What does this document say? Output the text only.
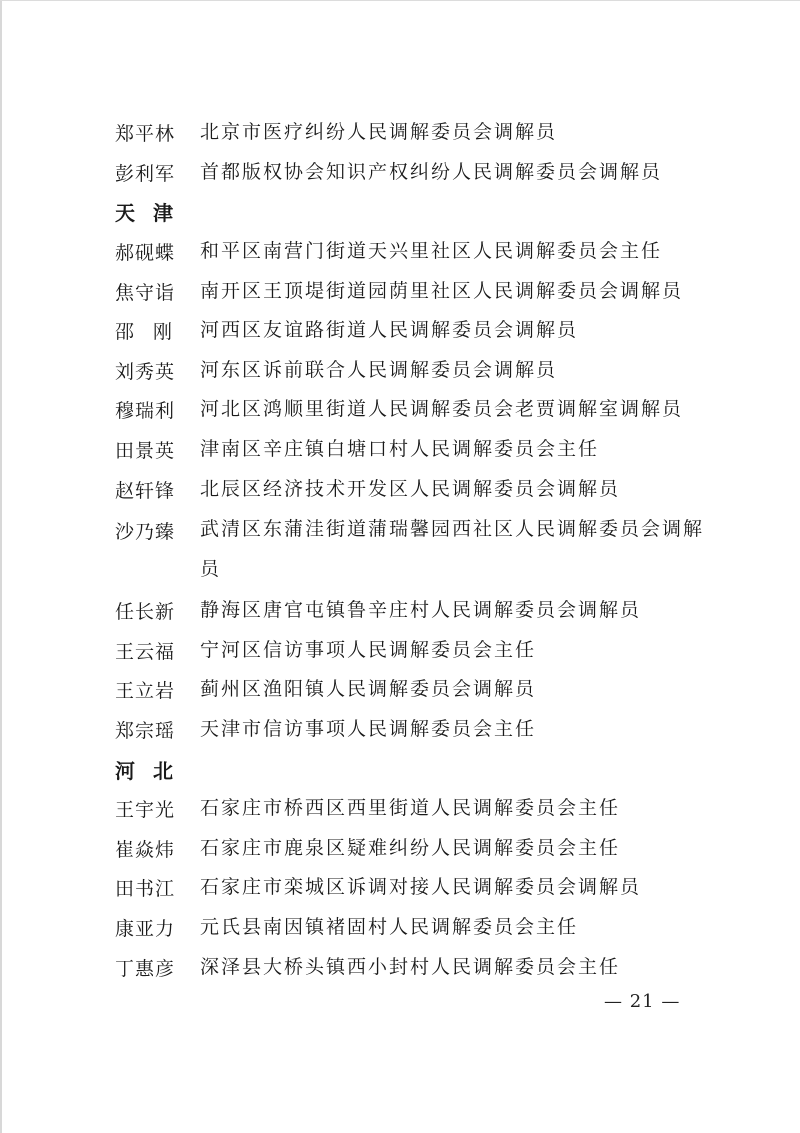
郑平林	北京市医疗纠纷人民调解委员会调解员
彭利军	首都版权协会知识产权纠纷人民调解委员会调解员
天津
郝砚蝶	和平区南营门街道天兴里社区人民调解委员会主任
焦守诣	南开区王顶堤街道园荫里社区人民调解委员会调解员
邵刚 河西区友谊路街道人民调解委员会调解员
刘秀英	河东区诉前联合人民调解委员会调解员
穆瑞利	河北区鸿顺里街道人民调解委员会老贾调解室调解员
田景英	津南区辛庄镇白塘口村人民调解委员会主任
赵轩锋	北辰区经济技术开发区人民调解委员会调解员
沙乃臻	武清区东蒲洼街道蒲瑞馨园西社区人民调解委员会调解员
任长新	静海区唐官屯镇鲁辛庄村人民调解委员会调解员
王云福	宁河区信访事项人民调解委员会主任
王立岩	蓟州区渔阳镇人民调解委员会调解员
郑宗瑶	天津市信访事项人民调解委员会主任
河北
王宇光	石家庄市桥西区西里街道人民调解委员会主任
崔焱炜	石家庄市鹿泉区疑难纠纷人民调解委员会主任
田书江	石家庄市栾城区诉调对接人民调解委员会调解员
康亚力	元氏县南因镇褚固村人民调解委员会主任
丁惠彦	深泽县大桥头镇西小封村人民调解委员会主任
— 21 —
